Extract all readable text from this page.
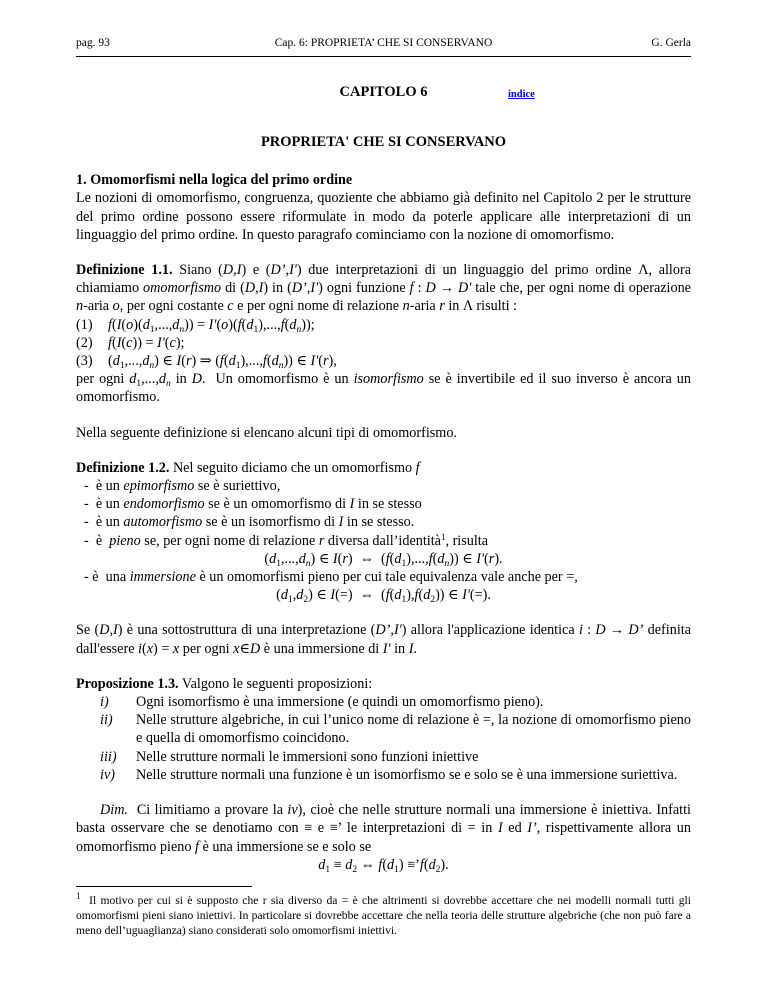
pag. 93	Cap. 6: PROPRIETA’ CHE SI CONSERVANO	G. Gerla
CAPITOLO 6	indice
PROPRIETA' CHE SI CONSERVANO
1. Omomorfismi nella logica del primo ordine

Le nozioni di omomorfismo, congruenza, quoziente che abbiamo già definito nel Capitolo 2 per le strutture del primo ordine possono essere riformulate in modo da poterle applicare alle interpretazioni di un linguaggio del primo ordine. In questo paragrafo cominciamo con la nozione di omomorfismo.

Definizione 1.1. Siano (D,I) e (D’,I') due interpretazioni di un linguaggio del primo ordine Λ, allora chiamiamo omomorfismo di (D,I) in (D’,I') ogni funzione f : D → D' tale che, per ogni nome di operazione n-aria o, per ogni costante c e per ogni nome di relazione n-aria r in Λ risulti :

(1)	$f(I(o)(d_1,...,d_n)) = I'(o)(f(d_1),...,f(d_n))$;
(2)	f(I(c)) = I'(c);
(3)	$(d_1,...,d_n)$ ∈ I(r) ⇒ $(f(d_1),...,f(d_n))$ ∈ I'(r),

per ogni $d_1,...,d_n$ in D.  Un omomorfismo è un isomorfismo se è invertibile ed il suo inverso è ancora un omomorfismo.

Nella seguente definizione si elencano alcuni tipi di omomorfismo.

Definizione 1.2. Nel seguito diciamo che un omomorfismo f

-  è un epimorfismo se è suriettivo,
-  è un endomorfismo se è un omomorfismo di I in se stesso
-  è un automorfismo se è un isomorfismo di I in se stesso.
-  è  pieno se, per ogni nome di relazione r diversa dall’identità$^1$, risulta
$(d_1,...,d_n)$ ∈ I(r)  ⇔  $(f(d_1),...,f(d_n))$ ∈ I'(r).
- è  una immersione è un omomorfismi pieno per cui tale equivalenza vale anche per =,
$(d_1,d_2)$ ∈ I(=)  ⇔  $(f(d_1),f(d_2))$ ∈ I'(=).

Se (D,I) è una sottostruttura di una interpretazione (D’,I') allora l'applicazione identica i : D → D’ definita dall'essere i(x) = x per ogni x∈D è una immersione di I' in I.

Proposizione 1.3. Valgono le seguenti proposizioni:

i)	Ogni isomorfismo è una immersione (e quindi un omomorfismo pieno).
ii)	Nelle strutture algebriche, in cui l’unico nome di relazione è =, la nozione di omomorfismo pieno e quella di omomorfismo coincidono.
iii)	Nelle strutture normali le immersioni sono funzioni iniettive
iv)	Nelle strutture normali una funzione è un isomorfismo se e solo se è una immersione suriettiva.

Dim.  Ci limitiamo a provare la iv), cioè che nelle strutture normali una immersione è iniettiva. Infatti basta osservare che se denotiamo con ≡ e ≡’ le interpretazioni di = in I ed I’, rispettivamente allora un omomorfismo pieno f è una immersione se e solo se

$d_1 \equiv d_2$ ⇔ $f(d_1)$ $\equiv’f(d_2)$.
$^1$ Il motivo per cui si è supposto che r sia diverso da = è che altrimenti si dovrebbe accettare che nei modelli normali tutti gli omomorfismi pieni siano iniettivi. In particolare si dovrebbe accettare che nella teoria delle strutture algebriche (che non può fare a meno dell’uguaglianza) siano considerati solo omomorfismi iniettivi.
